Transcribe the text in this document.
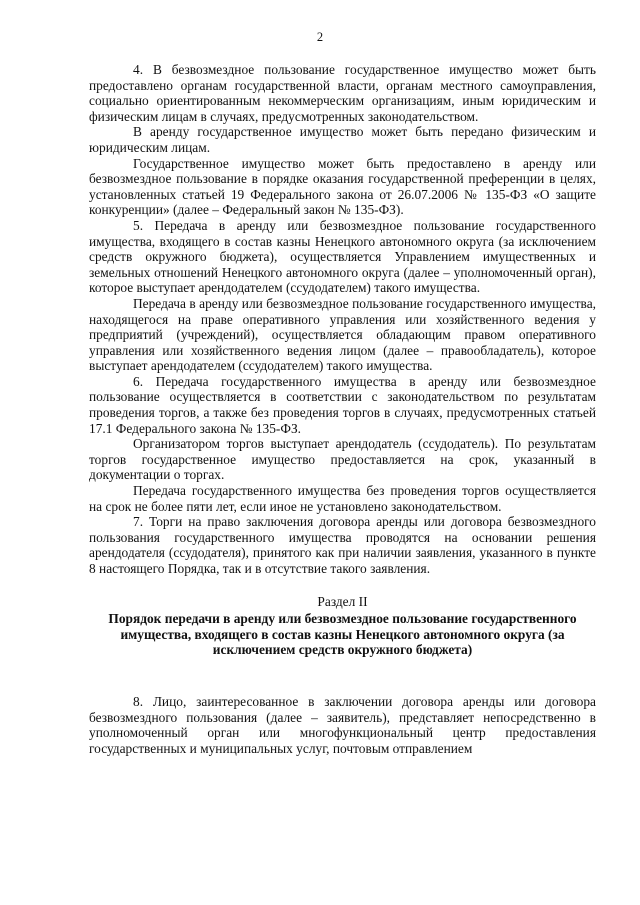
2

4. В безвозмездное пользование государственное имущество может быть предоставлено органам государственной власти, органам местного самоуправления, социально ориентированным некоммерческим организациям, иным юридическим и физическим лицам в случаях, предусмотренных законодательством.

В аренду государственное имущество может быть передано физическим и юридическим лицам.

Государственное имущество может быть предоставлено в аренду или безвозмездное пользование в порядке оказания государственной преференции в целях, установленных статьей 19 Федерального закона от 26.07.2006 № 135-ФЗ «О защите конкуренции» (далее – Федеральный закон № 135-ФЗ).

5. Передача в аренду или безвозмездное пользование государственного имущества, входящего в состав казны Ненецкого автономного округа (за исключением средств окружного бюджета), осуществляется Управлением имущественных и земельных отношений Ненецкого автономного округа (далее – уполномоченный орган), которое выступает арендодателем (ссудодателем) такого имущества.

Передача в аренду или безвозмездное пользование государственного имущества, находящегося на праве оперативного управления или хозяйственного ведения у предприятий (учреждений), осуществляется обладающим правом оперативного управления или хозяйственного ведения лицом (далее – правообладатель), которое выступает арендодателем (ссудодателем) такого имущества.

6. Передача государственного имущества в аренду или безвозмездное пользование осуществляется в соответствии с законодательством по результатам проведения торгов, а также без проведения торгов в случаях, предусмотренных статьей 17.1 Федерального закона № 135-ФЗ.

Организатором торгов выступает арендодатель (ссудодатель). По результатам торгов государственное имущество предоставляется на срок, указанный в документации о торгах.

Передача государственного имущества без проведения торгов осуществляется на срок не более пяти лет, если иное не установлено законодательством.

7. Торги на право заключения договора аренды или договора безвозмездного пользования государственного имущества проводятся на основании решения арендодателя (ссудодателя), принятого как при наличии заявления, указанного в пункте 8 настоящего Порядка, так и в отсутствие такого заявления.

Раздел II

Порядок передачи в аренду или безвозмездное пользование государственного имущества, входящего в состав казны Ненецкого автономного округа (за исключением средств окружного бюджета)

8. Лицо, заинтересованное в заключении договора аренды или договора безвозмездного пользования (далее – заявитель), представляет непосредственно в уполномоченный орган или многофункциональный центр предоставления государственных и муниципальных услуг, почтовым отправлением
